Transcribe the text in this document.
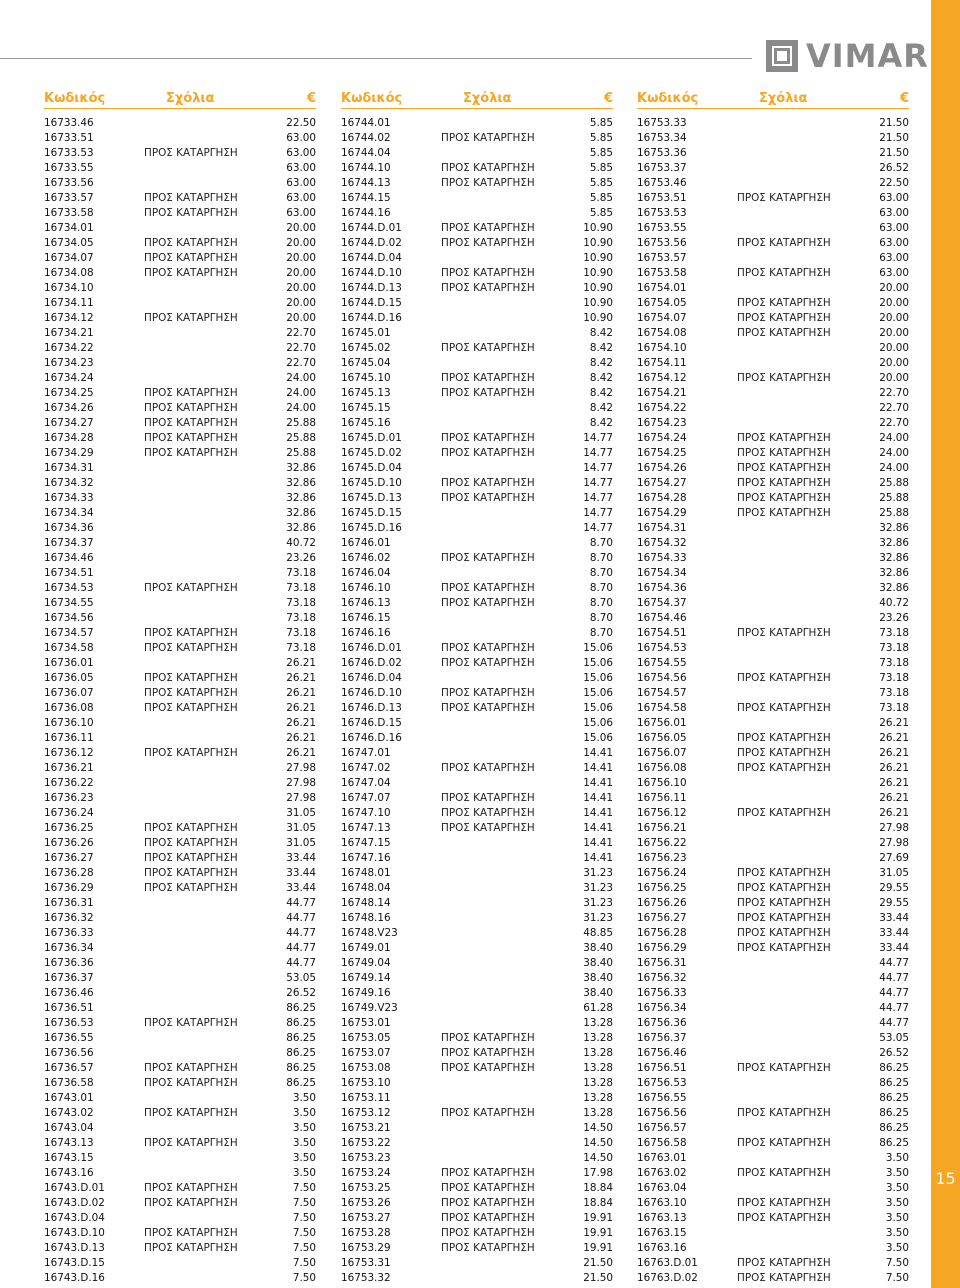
VIMAR
15
Κωδικός	Σχόλια	€
16733.46	22.50
16733.51	63.00
16733.53	ΠΡΟΣ ΚΑΤΑΡΓΗΣΗ	63.00
16733.55	63.00
16733.56	63.00
16733.57	ΠΡΟΣ ΚΑΤΑΡΓΗΣΗ	63.00
16733.58	ΠΡΟΣ ΚΑΤΑΡΓΗΣΗ	63.00
16734.01	20.00
16734.05	ΠΡΟΣ ΚΑΤΑΡΓΗΣΗ	20.00
16734.07	ΠΡΟΣ ΚΑΤΑΡΓΗΣΗ	20.00
16734.08	ΠΡΟΣ ΚΑΤΑΡΓΗΣΗ	20.00
16734.10	20.00
16734.11	20.00
16734.12	ΠΡΟΣ ΚΑΤΑΡΓΗΣΗ	20.00
16734.21	22.70
16734.22	22.70
16734.23	22.70
16734.24	24.00
16734.25	ΠΡΟΣ ΚΑΤΑΡΓΗΣΗ	24.00
16734.26	ΠΡΟΣ ΚΑΤΑΡΓΗΣΗ	24.00
16734.27	ΠΡΟΣ ΚΑΤΑΡΓΗΣΗ	25.88
16734.28	ΠΡΟΣ ΚΑΤΑΡΓΗΣΗ	25.88
16734.29	ΠΡΟΣ ΚΑΤΑΡΓΗΣΗ	25.88
16734.31	32.86
16734.32	32.86
16734.33	32.86
16734.34	32.86
16734.36	32.86
16734.37	40.72
16734.46	23.26
16734.51	73.18
16734.53	ΠΡΟΣ ΚΑΤΑΡΓΗΣΗ	73.18
16734.55	73.18
16734.56	73.18
16734.57	ΠΡΟΣ ΚΑΤΑΡΓΗΣΗ	73.18
16734.58	ΠΡΟΣ ΚΑΤΑΡΓΗΣΗ	73.18
16736.01	26.21
16736.05	ΠΡΟΣ ΚΑΤΑΡΓΗΣΗ	26.21
16736.07	ΠΡΟΣ ΚΑΤΑΡΓΗΣΗ	26.21
16736.08	ΠΡΟΣ ΚΑΤΑΡΓΗΣΗ	26.21
16736.10	26.21
16736.11	26.21
16736.12	ΠΡΟΣ ΚΑΤΑΡΓΗΣΗ	26.21
16736.21	27.98
16736.22	27.98
16736.23	27.98
16736.24	31.05
16736.25	ΠΡΟΣ ΚΑΤΑΡΓΗΣΗ	31.05
16736.26	ΠΡΟΣ ΚΑΤΑΡΓΗΣΗ	31.05
16736.27	ΠΡΟΣ ΚΑΤΑΡΓΗΣΗ	33.44
16736.28	ΠΡΟΣ ΚΑΤΑΡΓΗΣΗ	33.44
16736.29	ΠΡΟΣ ΚΑΤΑΡΓΗΣΗ	33.44
16736.31	44.77
16736.32	44.77
16736.33	44.77
16736.34	44.77
16736.36	44.77
16736.37	53.05
16736.46	26.52
16736.51	86.25
16736.53	ΠΡΟΣ ΚΑΤΑΡΓΗΣΗ	86.25
16736.55	86.25
16736.56	86.25
16736.57	ΠΡΟΣ ΚΑΤΑΡΓΗΣΗ	86.25
16736.58	ΠΡΟΣ ΚΑΤΑΡΓΗΣΗ	86.25
16743.01	3.50
16743.02	ΠΡΟΣ ΚΑΤΑΡΓΗΣΗ	3.50
16743.04	3.50
16743.13	ΠΡΟΣ ΚΑΤΑΡΓΗΣΗ	3.50
16743.15	3.50
16743.16	3.50
16743.D.01	ΠΡΟΣ ΚΑΤΑΡΓΗΣΗ	7.50
16743.D.02	ΠΡΟΣ ΚΑΤΑΡΓΗΣΗ	7.50
16743.D.04	7.50
16743.D.10	ΠΡΟΣ ΚΑΤΑΡΓΗΣΗ	7.50
16743.D.13	ΠΡΟΣ ΚΑΤΑΡΓΗΣΗ	7.50
16743.D.15	7.50
16743.D.16	7.50
Κωδικός	Σχόλια	€
16744.01	5.85
16744.02	ΠΡΟΣ ΚΑΤΑΡΓΗΣΗ	5.85
16744.04	5.85
16744.10	ΠΡΟΣ ΚΑΤΑΡΓΗΣΗ	5.85
16744.13	ΠΡΟΣ ΚΑΤΑΡΓΗΣΗ	5.85
16744.15	5.85
16744.16	5.85
16744.D.01	ΠΡΟΣ ΚΑΤΑΡΓΗΣΗ	10.90
16744.D.02	ΠΡΟΣ ΚΑΤΑΡΓΗΣΗ	10.90
16744.D.04	10.90
16744.D.10	ΠΡΟΣ ΚΑΤΑΡΓΗΣΗ	10.90
16744.D.13	ΠΡΟΣ ΚΑΤΑΡΓΗΣΗ	10.90
16744.D.15	10.90
16744.D.16	10.90
16745.01	8.42
16745.02	ΠΡΟΣ ΚΑΤΑΡΓΗΣΗ	8.42
16745.04	8.42
16745.10	ΠΡΟΣ ΚΑΤΑΡΓΗΣΗ	8.42
16745.13	ΠΡΟΣ ΚΑΤΑΡΓΗΣΗ	8.42
16745.15	8.42
16745.16	8.42
16745.D.01	ΠΡΟΣ ΚΑΤΑΡΓΗΣΗ	14.77
16745.D.02	ΠΡΟΣ ΚΑΤΑΡΓΗΣΗ	14.77
16745.D.04	14.77
16745.D.10	ΠΡΟΣ ΚΑΤΑΡΓΗΣΗ	14.77
16745.D.13	ΠΡΟΣ ΚΑΤΑΡΓΗΣΗ	14.77
16745.D.15	14.77
16745.D.16	14.77
16746.01	8.70
16746.02	ΠΡΟΣ ΚΑΤΑΡΓΗΣΗ	8.70
16746.04	8.70
16746.10	ΠΡΟΣ ΚΑΤΑΡΓΗΣΗ	8.70
16746.13	ΠΡΟΣ ΚΑΤΑΡΓΗΣΗ	8.70
16746.15	8.70
16746.16	8.70
16746.D.01	ΠΡΟΣ ΚΑΤΑΡΓΗΣΗ	15.06
16746.D.02	ΠΡΟΣ ΚΑΤΑΡΓΗΣΗ	15.06
16746.D.04	15.06
16746.D.10	ΠΡΟΣ ΚΑΤΑΡΓΗΣΗ	15.06
16746.D.13	ΠΡΟΣ ΚΑΤΑΡΓΗΣΗ	15.06
16746.D.15	15.06
16746.D.16	15.06
16747.01	14.41
16747.02	ΠΡΟΣ ΚΑΤΑΡΓΗΣΗ	14.41
16747.04	14.41
16747.07	ΠΡΟΣ ΚΑΤΑΡΓΗΣΗ	14.41
16747.10	ΠΡΟΣ ΚΑΤΑΡΓΗΣΗ	14.41
16747.13	ΠΡΟΣ ΚΑΤΑΡΓΗΣΗ	14.41
16747.15	14.41
16747.16	14.41
16748.01	31.23
16748.04	31.23
16748.14	31.23
16748.16	31.23
16748.V23	48.85
16749.01	38.40
16749.04	38.40
16749.14	38.40
16749.16	38.40
16749.V23	61.28
16753.01	13.28
16753.05	ΠΡΟΣ ΚΑΤΑΡΓΗΣΗ	13.28
16753.07	ΠΡΟΣ ΚΑΤΑΡΓΗΣΗ	13.28
16753.08	ΠΡΟΣ ΚΑΤΑΡΓΗΣΗ	13.28
16753.10	13.28
16753.11	13.28
16753.12	ΠΡΟΣ ΚΑΤΑΡΓΗΣΗ	13.28
16753.21	14.50
16753.22	14.50
16753.23	14.50
16753.24	ΠΡΟΣ ΚΑΤΑΡΓΗΣΗ	17.98
16753.25	ΠΡΟΣ ΚΑΤΑΡΓΗΣΗ	18.84
16753.26	ΠΡΟΣ ΚΑΤΑΡΓΗΣΗ	18.84
16753.27	ΠΡΟΣ ΚΑΤΑΡΓΗΣΗ	19.91
16753.28	ΠΡΟΣ ΚΑΤΑΡΓΗΣΗ	19.91
16753.29	ΠΡΟΣ ΚΑΤΑΡΓΗΣΗ	19.91
16753.31	21.50
16753.32	21.50
Κωδικός	Σχόλια	€
16753.33	21.50
16753.34	21.50
16753.36	21.50
16753.37	26.52
16753.46	22.50
16753.51	ΠΡΟΣ ΚΑΤΑΡΓΗΣΗ	63.00
16753.53	63.00
16753.55	63.00
16753.56	ΠΡΟΣ ΚΑΤΑΡΓΗΣΗ	63.00
16753.57	63.00
16753.58	ΠΡΟΣ ΚΑΤΑΡΓΗΣΗ	63.00
16754.01	20.00
16754.05	ΠΡΟΣ ΚΑΤΑΡΓΗΣΗ	20.00
16754.07	ΠΡΟΣ ΚΑΤΑΡΓΗΣΗ	20.00
16754.08	ΠΡΟΣ ΚΑΤΑΡΓΗΣΗ	20.00
16754.10	20.00
16754.11	20.00
16754.12	ΠΡΟΣ ΚΑΤΑΡΓΗΣΗ	20.00
16754.21	22.70
16754.22	22.70
16754.23	22.70
16754.24	ΠΡΟΣ ΚΑΤΑΡΓΗΣΗ	24.00
16754.25	ΠΡΟΣ ΚΑΤΑΡΓΗΣΗ	24.00
16754.26	ΠΡΟΣ ΚΑΤΑΡΓΗΣΗ	24.00
16754.27	ΠΡΟΣ ΚΑΤΑΡΓΗΣΗ	25.88
16754.28	ΠΡΟΣ ΚΑΤΑΡΓΗΣΗ	25.88
16754.29	ΠΡΟΣ ΚΑΤΑΡΓΗΣΗ	25.88
16754.31	32.86
16754.32	32.86
16754.33	32.86
16754.34	32.86
16754.36	32.86
16754.37	40.72
16754.46	23.26
16754.51	ΠΡΟΣ ΚΑΤΑΡΓΗΣΗ	73.18
16754.53	73.18
16754.55	73.18
16754.56	ΠΡΟΣ ΚΑΤΑΡΓΗΣΗ	73.18
16754.57	73.18
16754.58	ΠΡΟΣ ΚΑΤΑΡΓΗΣΗ	73.18
16756.01	26.21
16756.05	ΠΡΟΣ ΚΑΤΑΡΓΗΣΗ	26.21
16756.07	ΠΡΟΣ ΚΑΤΑΡΓΗΣΗ	26.21
16756.08	ΠΡΟΣ ΚΑΤΑΡΓΗΣΗ	26.21
16756.10	26.21
16756.11	26.21
16756.12	ΠΡΟΣ ΚΑΤΑΡΓΗΣΗ	26.21
16756.21	27.98
16756.22	27.98
16756.23	27.69
16756.24	ΠΡΟΣ ΚΑΤΑΡΓΗΣΗ	31.05
16756.25	ΠΡΟΣ ΚΑΤΑΡΓΗΣΗ	29.55
16756.26	ΠΡΟΣ ΚΑΤΑΡΓΗΣΗ	29.55
16756.27	ΠΡΟΣ ΚΑΤΑΡΓΗΣΗ	33.44
16756.28	ΠΡΟΣ ΚΑΤΑΡΓΗΣΗ	33.44
16756.29	ΠΡΟΣ ΚΑΤΑΡΓΗΣΗ	33.44
16756.31	44.77
16756.32	44.77
16756.33	44.77
16756.34	44.77
16756.36	44.77
16756.37	53.05
16756.46	26.52
16756.51	ΠΡΟΣ ΚΑΤΑΡΓΗΣΗ	86.25
16756.53	86.25
16756.55	86.25
16756.56	ΠΡΟΣ ΚΑΤΑΡΓΗΣΗ	86.25
16756.57	86.25
16756.58	ΠΡΟΣ ΚΑΤΑΡΓΗΣΗ	86.25
16763.01	3.50
16763.02	ΠΡΟΣ ΚΑΤΑΡΓΗΣΗ	3.50
16763.04	3.50
16763.10	ΠΡΟΣ ΚΑΤΑΡΓΗΣΗ	3.50
16763.13	ΠΡΟΣ ΚΑΤΑΡΓΗΣΗ	3.50
16763.15	3.50
16763.16	3.50
16763.D.01	ΠΡΟΣ ΚΑΤΑΡΓΗΣΗ	7.50
16763.D.02	ΠΡΟΣ ΚΑΤΑΡΓΗΣΗ	7.50
